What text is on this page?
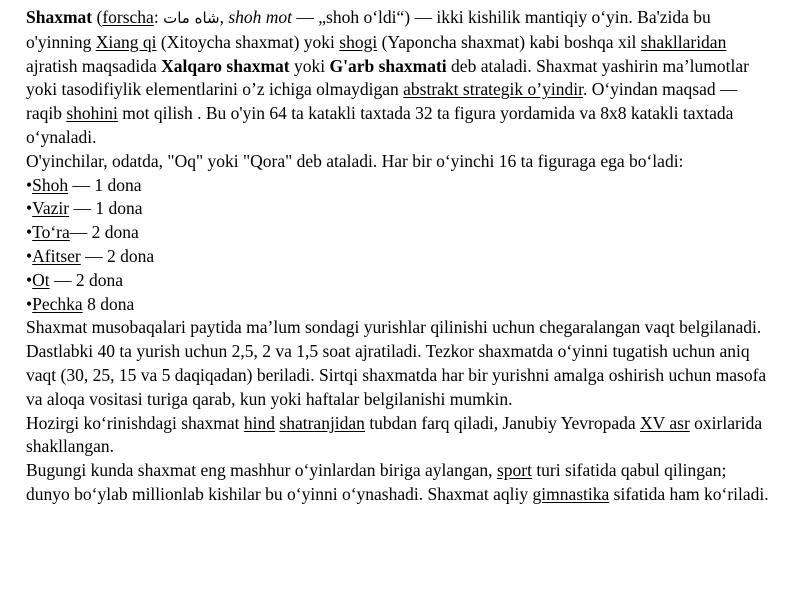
Shaxmat (forscha: شاه مات, shoh mot — „shoh o‘ldi“) — ikki kishilik mantiqiy o‘yin. Ba'zida bu o'yinning Xiang qi (Xitoycha shaxmat) yoki shogi (Yaponcha shaxmat) kabi boshqa xil shakllaridan ajratish maqsadida Xalqaro shaxmat yoki G'arb shaxmati deb ataladi. Shaxmat yashirin ma’lumotlar yoki tasodifiylik elementlarini o’z ichiga olmaydigan abstrakt strategik o’yindir. O‘yindan maqsad — raqib shohini mot qilish . Bu o'yin 64 ta katakli taxtada 32 ta figura yordamida va 8x8 katakli taxtada o‘ynaladi.

O'yinchilar, odatda, "Oq" yoki "Qora" deb ataladi. Har bir o‘yinchi 16 ta figuraga ega bo‘ladi:

• Shoh — 1 dona
• Vazir — 1 dona
• To‘ra— 2 dona
• Afitser — 2 dona
• Ot — 2 dona
• Pechka 8 dona

Shaxmat musobaqalari paytida ma’lum sondagi yurishlar qilinishi uchun chegaralangan vaqt belgilanadi. Dastlabki 40 ta yurish uchun 2,5, 2 va 1,5 soat ajratiladi. Tezkor shaxmatda o‘yinni tugatish uchun aniq vaqt (30, 25, 15 va 5 daqiqadan) beriladi. Sirtqi shaxmatda har bir yurishni amalga oshirish uchun masofa va aloqa vositasi turiga qarab, kun yoki haftalar belgilanishi mumkin.

Hozirgi ko‘rinishdagi shaxmat hind shatranjidan tubdan farq qiladi, Janubiy Yevropada XV asr oxirlarida shakllangan.

Bugungi kunda shaxmat eng mashhur o‘yinlardan biriga aylangan, sport turi sifatida qabul qilingan; dunyo bo‘ylab millionlab kishilar bu o‘yinni o‘ynashadi. Shaxmat aqliy gimnastika sifatida ham ko‘riladi.
